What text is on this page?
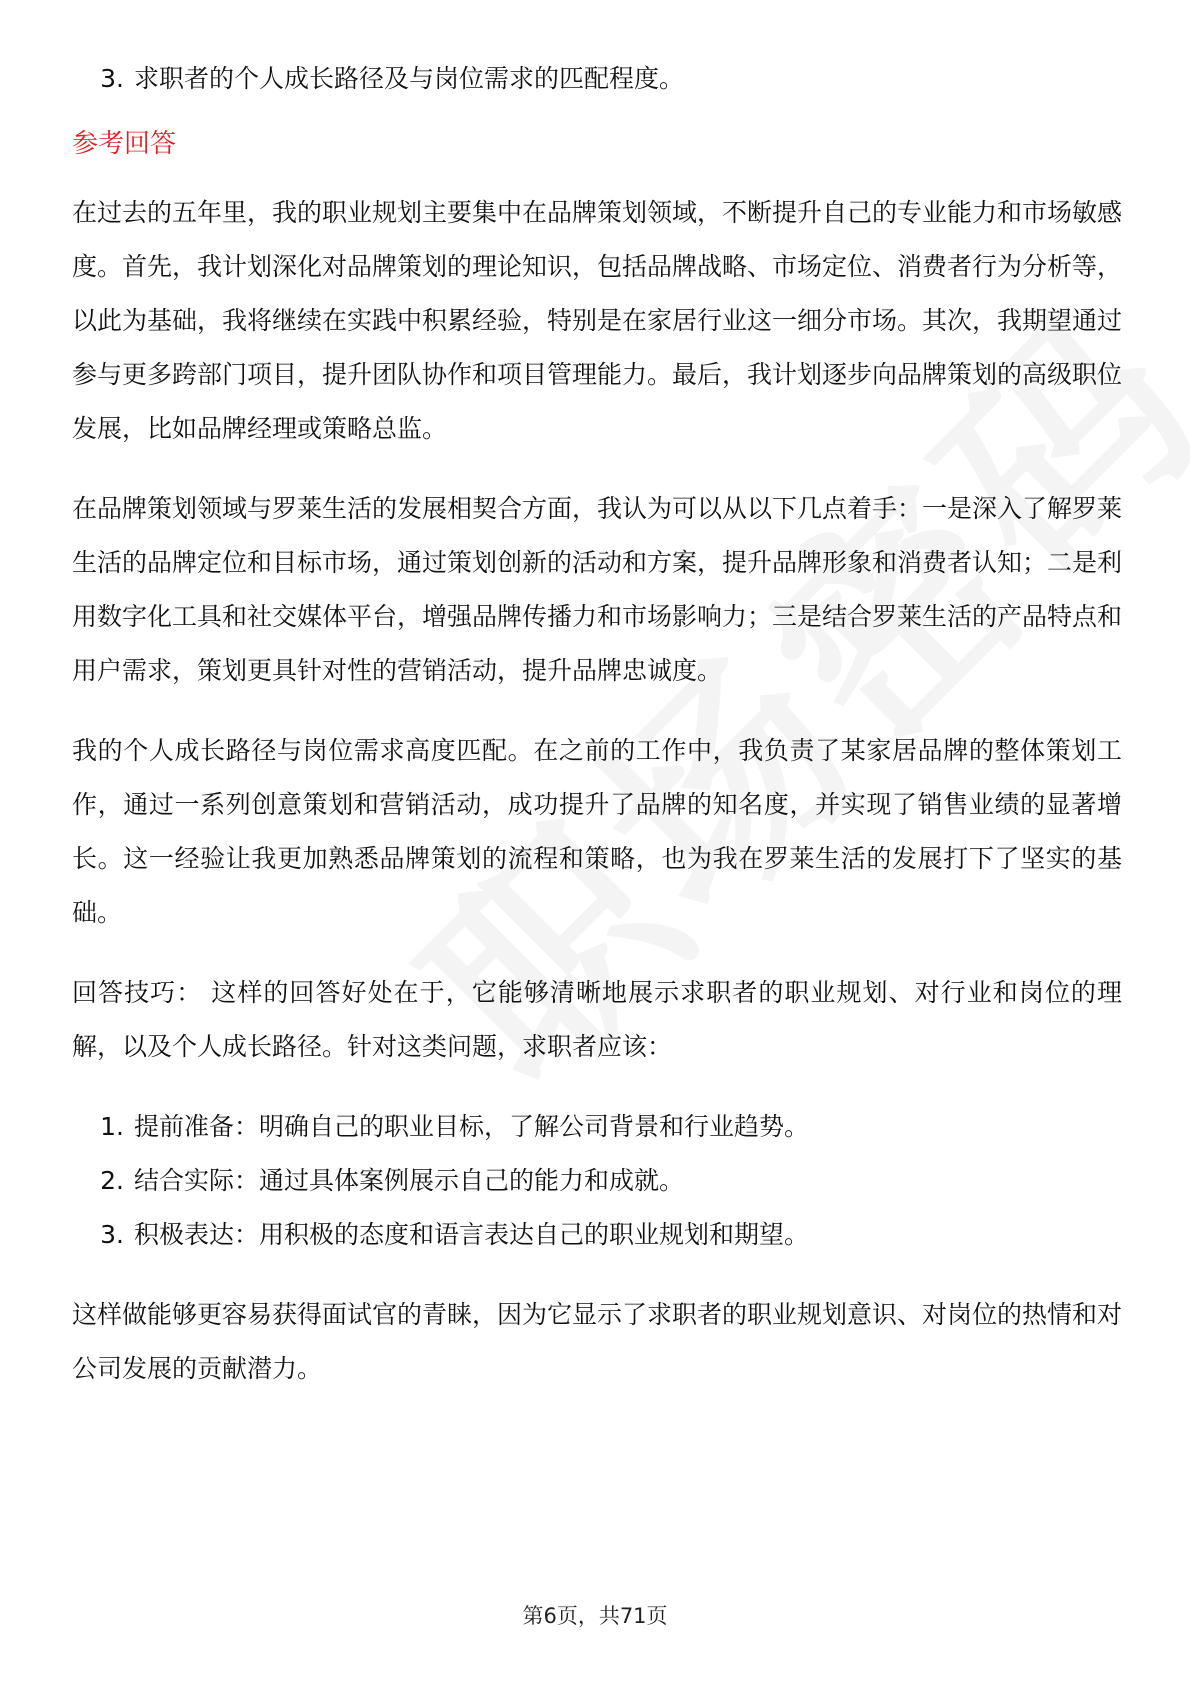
3. 求职者的个人成长路径及与岗位需求的匹配程度。
参考回答

在过去的五年里，我的职业规划主要集中在品牌策划领域，不断提升自己的专业能力和市场敏感度。首先，我计划深化对品牌策划的理论知识，包括品牌战略、市场定位、消费者行为分析等，以此为基础，我将继续在实践中积累经验，特别是在家居行业这一细分市场。其次，我期望通过参与更多跨部门项目，提升团队协作和项目管理能力。最后，我计划逐步向品牌策划的高级职位发展，比如品牌经理或策略总监。

在品牌策划领域与罗莱生活的发展相契合方面，我认为可以从以下几点着手：一是深入了解罗莱生活的品牌定位和目标市场，通过策划创新的活动和方案，提升品牌形象和消费者认知；二是利用数字化工具和社交媒体平台，增强品牌传播力和市场影响力；三是结合罗莱生活的产品特点和用户需求，策划更具针对性的营销活动，提升品牌忠诚度。

我的个人成长路径与岗位需求高度匹配。在之前的工作中，我负责了某家居品牌的整体策划工作，通过一系列创意策划和营销活动，成功提升了品牌的知名度，并实现了销售业绩的显著增长。这一经验让我更加熟悉品牌策划的流程和策略，也为我在罗莱生活的发展打下了坚实的基础。

回答技巧： 这样的回答好处在于，它能够清晰地展示求职者的职业规划、对行业和岗位的理解，以及个人成长路径。针对这类问题，求职者应该：

1. 提前准备：明确自己的职业目标，了解公司背景和行业趋势。
2. 结合实际：通过具体案例展示自己的能力和成就。
3. 积极表达：用积极的态度和语言表达自己的职业规划和期望。

这样做能够更容易获得面试官的青睐，因为它显示了求职者的职业规划意识、对岗位的热情和对公司发展的贡献潜力。

第6页，共71页
